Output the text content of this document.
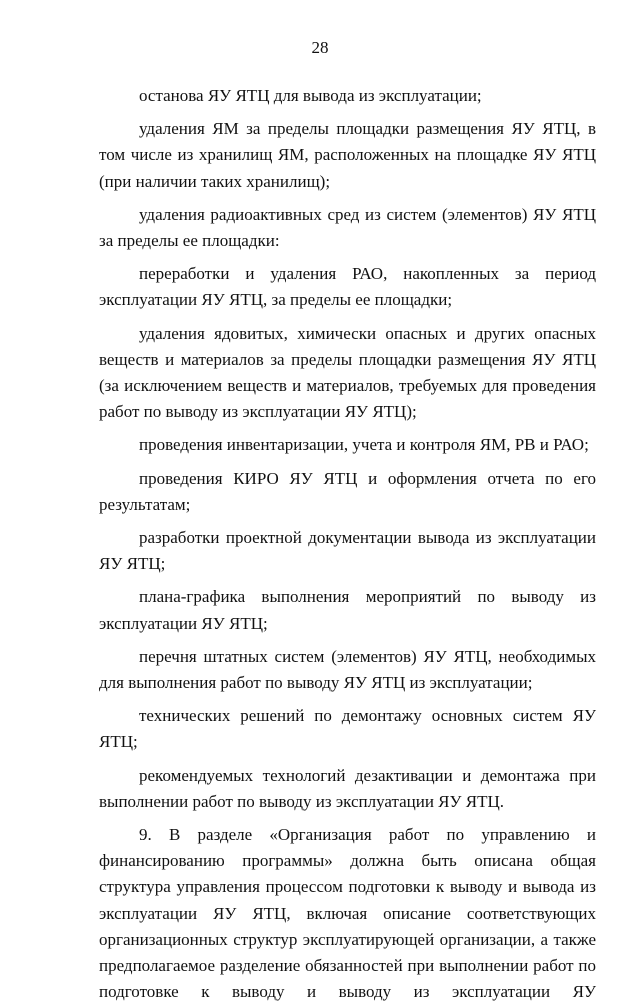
28

останова ЯУ ЯТЦ для вывода из эксплуатации;

удаления ЯМ за пределы площадки размещения ЯУ ЯТЦ, в том числе из хранилищ ЯМ, расположенных на площадке ЯУ ЯТЦ (при наличии таких хранилищ);

удаления радиоактивных сред из систем (элементов) ЯУ ЯТЦ за пределы ее площадки:

переработки и удаления РАО, накопленных за период эксплуатации ЯУ ЯТЦ, за пределы ее площадки;

удаления ядовитых, химически опасных и других опасных веществ и материалов за пределы площадки размещения ЯУ ЯТЦ (за исключением веществ и материалов, требуемых для проведения работ по выводу из эксплуатации ЯУ ЯТЦ);

проведения инвентаризации, учета и контроля ЯМ, РВ и РАО;

проведения КИРО ЯУ ЯТЦ и оформления отчета по его результатам;

разработки проектной документации вывода из эксплуатации ЯУ ЯТЦ;

плана-графика выполнения мероприятий по выводу из эксплуатации ЯУ ЯТЦ;

перечня штатных систем (элементов) ЯУ ЯТЦ, необходимых для выполнения работ по выводу ЯУ ЯТЦ из эксплуатации;

технических решений по демонтажу основных систем ЯУ ЯТЦ;

рекомендуемых технологий дезактивации и демонтажа при выполнении работ по выводу из эксплуатации ЯУ ЯТЦ.

9. В разделе «Организация работ по управлению и финансированию программы» должна быть описана общая структура управления процессом подготовки к выводу и вывода из эксплуатации ЯУ ЯТЦ, включая описание соответствующих организационных структур эксплуатирующей организации, а также предполагаемое разделение обязанностей при выполнении работ по подготовке к выводу и выводу из эксплуатации ЯУ
